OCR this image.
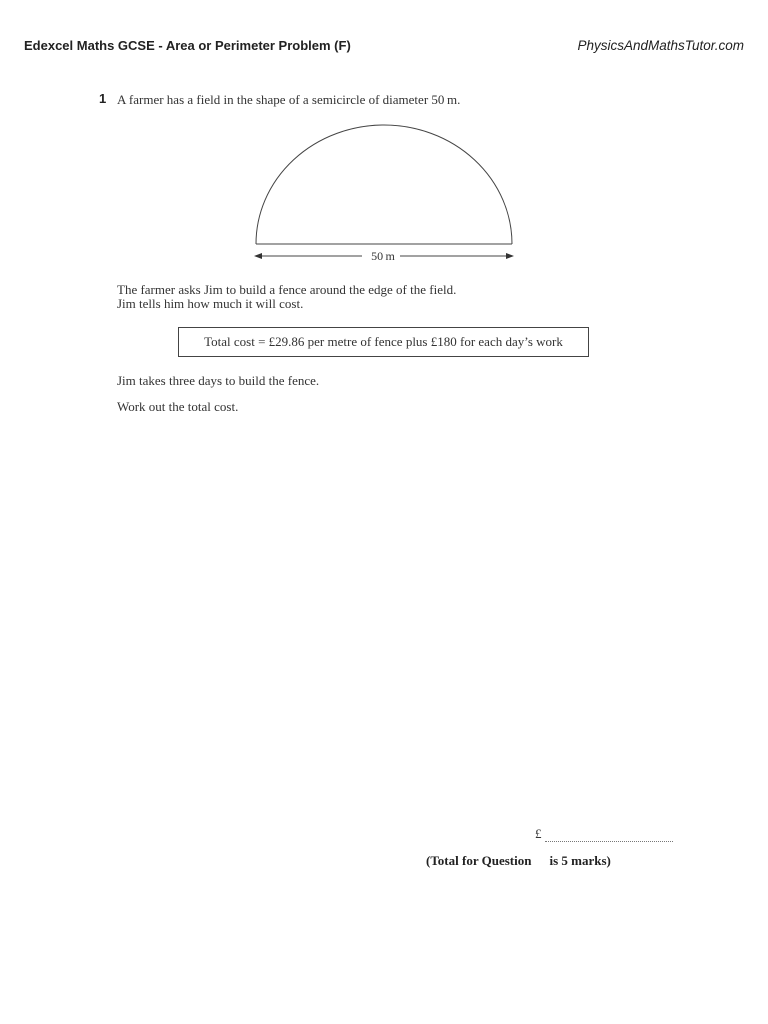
Edexcel Maths GCSE - Area or Perimeter Problem (F)	PhysicsAndMathsTutor.com
1 A farmer has a field in the shape of a semicircle of diameter 50 m.
50 m
The farmer asks Jim to build a fence around the edge of the field.
Jim tells him how much it will cost.
Total cost = £29.86 per metre of fence plus £180 for each day’s work
Jim takes three days to build the fence.
Work out the total cost.
£
(Total for Question is 5 marks)
